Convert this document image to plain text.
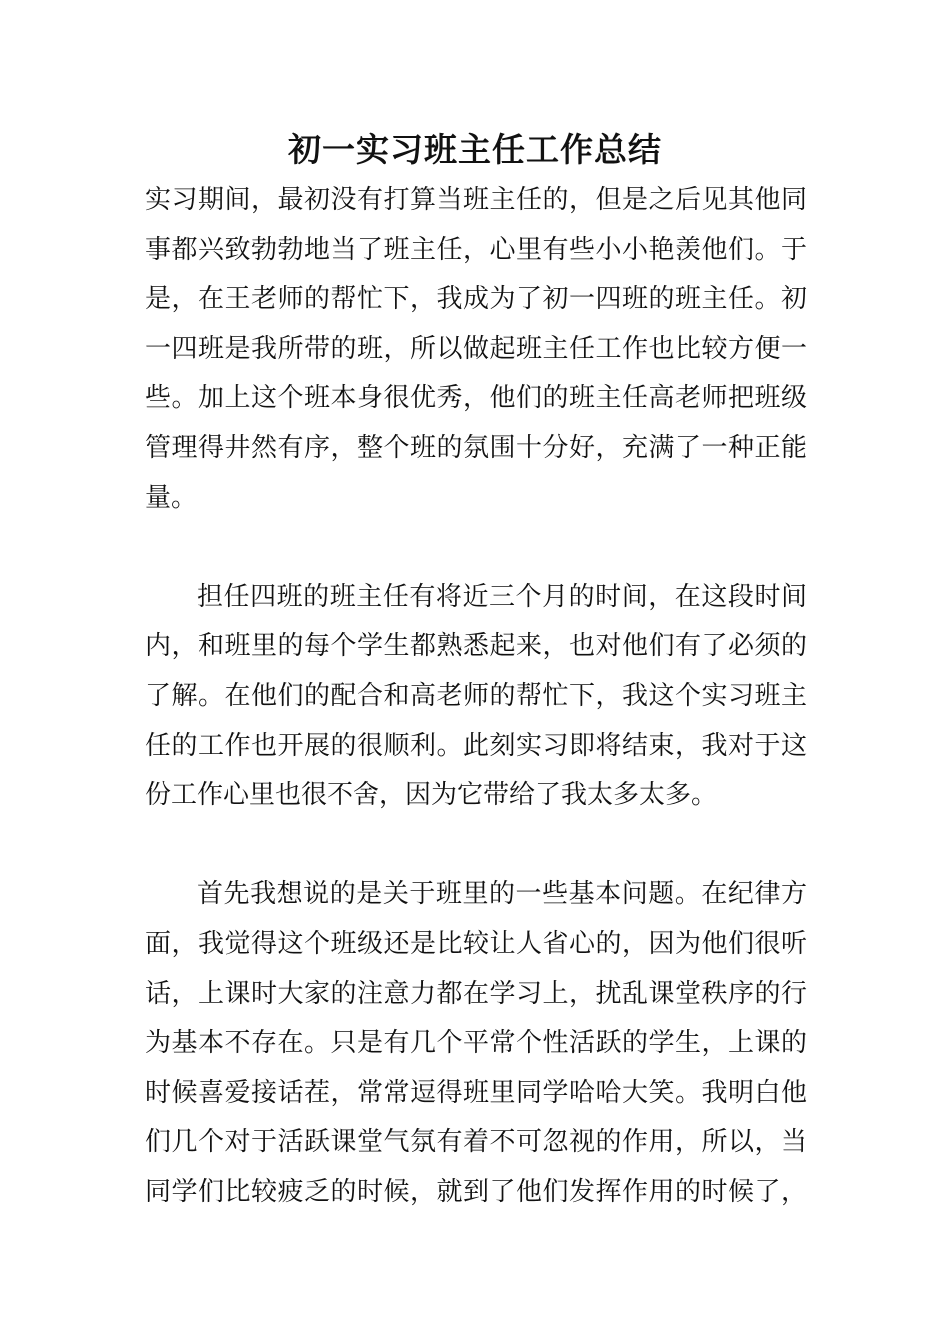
初一实习班主任工作总结
实习期间，最初没有打算当班主任的，但是之后见其他同
事都兴致勃勃地当了班主任，心里有些小小艳羡他们。于
是，在王老师的帮忙下，我成为了初一四班的班主任。初
一四班是我所带的班，所以做起班主任工作也比较方便一
些。加上这个班本身很优秀，他们的班主任高老师把班级
管理得井然有序，整个班的氛围十分好，充满了一种正能
量。
担任四班的班主任有将近三个月的时间，在这段时间
内，和班里的每个学生都熟悉起来，也对他们有了必须的
了解。在他们的配合和高老师的帮忙下，我这个实习班主
任的工作也开展的很顺利。此刻实习即将结束，我对于这
份工作心里也很不舍，因为它带给了我太多太多。
首先我想说的是关于班里的一些基本问题。在纪律方
面，我觉得这个班级还是比较让人省心的，因为他们很听
话，上课时大家的注意力都在学习上，扰乱课堂秩序的行
为基本不存在。只是有几个平常个性活跃的学生，上课的
时候喜爱接话茬，常常逗得班里同学哈哈大笑。我明白他
们几个对于活跃课堂气氛有着不可忽视的作用，所以，当
同学们比较疲乏的时候，就到了他们发挥作用的时候了，
